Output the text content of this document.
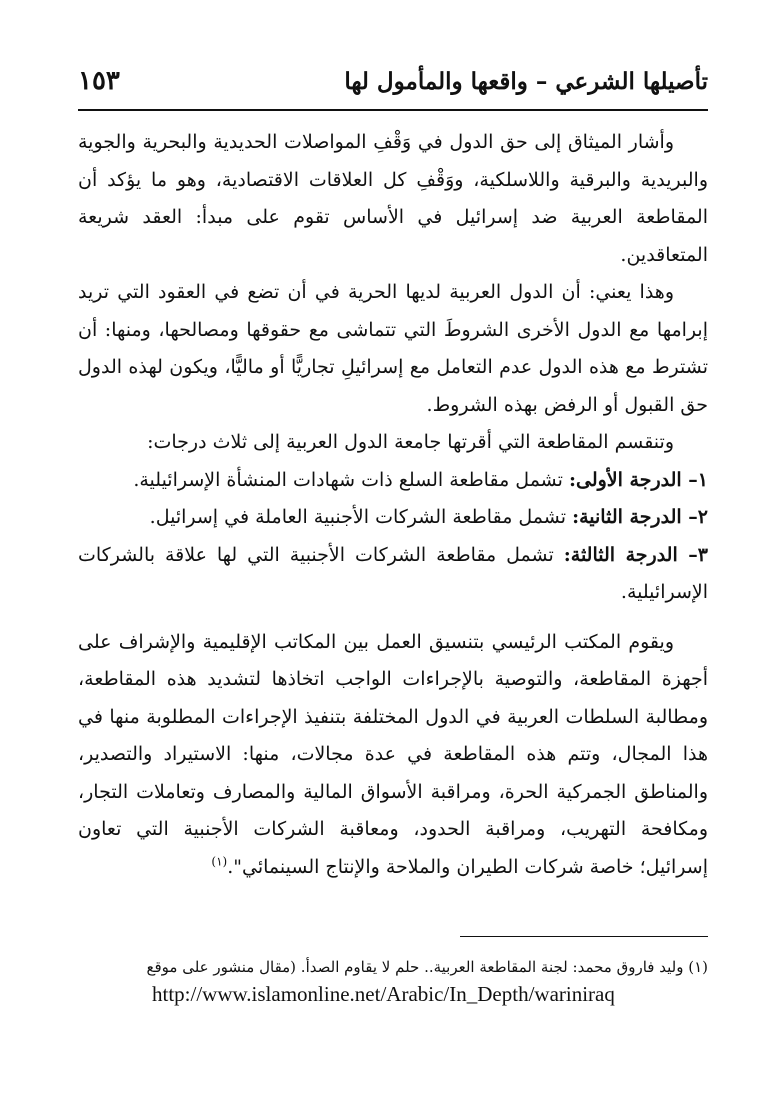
تأصيلها الشرعي – واقعها والمأمول لها
١٥٣

وأشار الميثاق إلى حق الدول في وَقْفِ المواصلات الحديدية والبحرية والجوية والبريدية والبرقية واللاسلكية، ووَقْفِ كل العلاقات الاقتصادية، وهو ما يؤكد أن المقاطعة العربية ضد إسرائيل في الأساس تقوم على مبدأ: العقد شريعة المتعاقدين.

وهذا يعني: أن الدول العربية لديها الحرية في أن تضع في العقود التي تريد إبرامها مع الدول الأخرى الشروطَ التي تتماشى مع حقوقها ومصالحها، ومنها: أن تشترط مع هذه الدول عدم التعامل مع إسرائيلِ تجاريًّا أو ماليًّا، ويكون لهذه الدول حق القبول أو الرفض بهذه الشروط.

وتنقسم المقاطعة التي أقرتها جامعة الدول العربية إلى ثلاث درجات:

١– الدرجة الأولى: تشمل مقاطعة السلع ذات شهادات المنشأة الإسرائيلية.

٢– الدرجة الثانية: تشمل مقاطعة الشركات الأجنبية العاملة في إسرائيل.

٣– الدرجة الثالثة: تشمل مقاطعة الشركات الأجنبية التي لها علاقة بالشركات الإسرائيلية.

ويقوم المكتب الرئيسي بتنسيق العمل بين المكاتب الإقليمية والإشراف على أجهزة المقاطعة، والتوصية بالإجراءات الواجب اتخاذها لتشديد هذه المقاطعة، ومطالبة السلطات العربية في الدول المختلفة بتنفيذ الإجراءات المطلوبة منها في هذا المجال، وتتم هذه المقاطعة في عدة مجالات، منها: الاستيراد والتصدير، والمناطق الجمركية الحرة، ومراقبة الأسواق المالية والمصارف وتعاملات التجار، ومكافحة التهريب، ومراقبة الحدود، ومعاقبة الشركات الأجنبية التي تعاون إسرائيل؛ خاصة شركات الطيران والملاحة والإنتاج السينمائي".$^{(١)}$

(١) وليد فاروق محمد: لجنة المقاطعة العربية.. حلم لا يقاوم الصدأ. (مقال منشور على موقع
http://www.islamonline.net/Arabic/In_Depth/wariniraq
